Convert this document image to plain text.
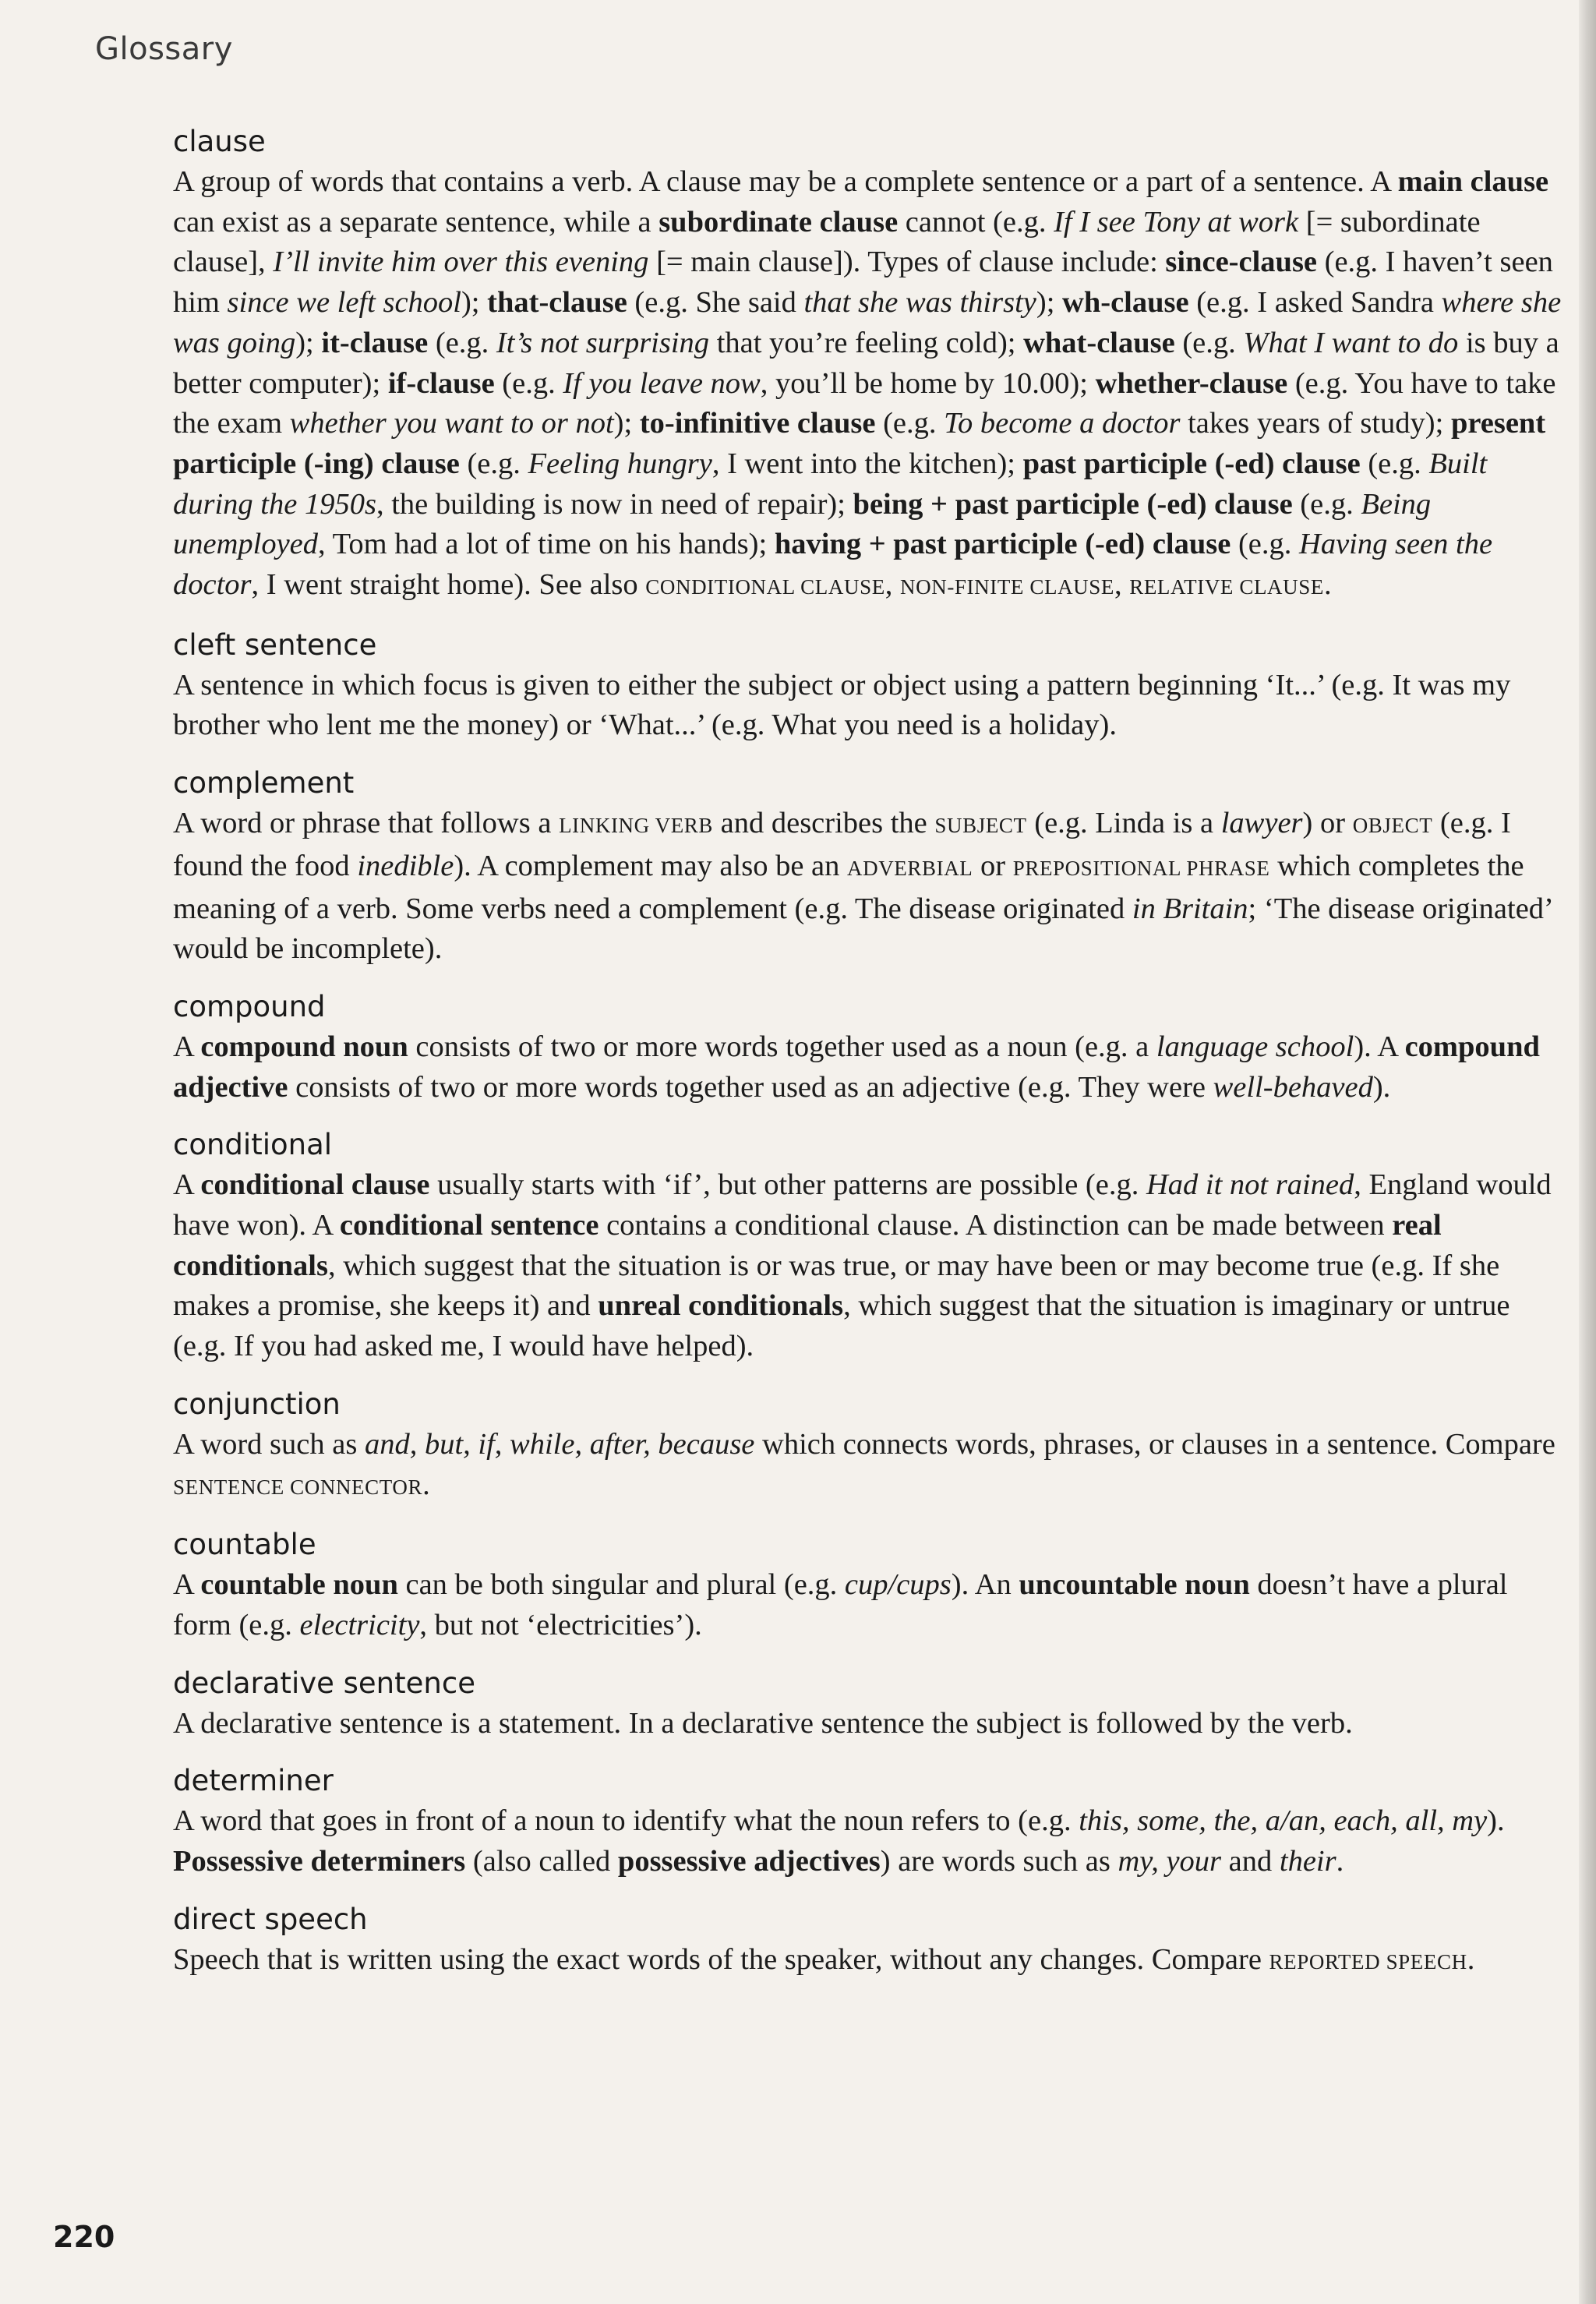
Glossary
clause

A group of words that contains a verb. A clause may be a complete sentence or a part of a sentence. A main clause can exist as a separate sentence, while a subordinate clause cannot (e.g. If I see Tony at work [= subordinate clause], I’ll invite him over this evening [= main clause]). Types of clause include: since-clause (e.g. I haven’t seen him since we left school); that-clause (e.g. She said that she was thirsty); wh-clause (e.g. I asked Sandra where she was going); it-clause (e.g. It’s not surprising that you’re feeling cold); what-clause (e.g. What I want to do is buy a better computer); if-clause (e.g. If you leave now, you’ll be home by 10.00); whether-clause (e.g. You have to take the exam whether you want to or not); to-infinitive clause (e.g. To become a doctor takes years of study); present participle (-ing) clause (e.g. Feeling hungry, I went into the kitchen); past participle (-ed) clause (e.g. Built during the 1950s, the building is now in need of repair); being + past participle (-ed) clause (e.g. Being unemployed, Tom had a lot of time on his hands); having + past participle (-ed) clause (e.g. Having seen the doctor, I went straight home). See also CONDITIONAL CLAUSE, NON-FINITE CLAUSE, RELATIVE CLAUSE.

cleft sentence

A sentence in which focus is given to either the subject or object using a pattern beginning ‘It...’ (e.g. It was my brother who lent me the money) or ‘What...’ (e.g. What you need is a holiday).

complement

A word or phrase that follows a LINKING VERB and describes the SUBJECT (e.g. Linda is a lawyer) or OBJECT (e.g. I found the food inedible). A complement may also be an ADVERBIAL or PREPOSITIONAL PHRASE which completes the meaning of a verb. Some verbs need a complement (e.g. The disease originated in Britain; ‘The disease originated’ would be incomplete).

compound

A compound noun consists of two or more words together used as a noun (e.g. a language school). A compound adjective consists of two or more words together used as an adjective (e.g. They were well-behaved).

conditional

A conditional clause usually starts with ‘if’, but other patterns are possible (e.g. Had it not rained, England would have won). A conditional sentence contains a conditional clause. A distinction can be made between real conditionals, which suggest that the situation is or was true, or may have been or may become true (e.g. If she makes a promise, she keeps it) and unreal conditionals, which suggest that the situation is imaginary or untrue (e.g. If you had asked me, I would have helped).

conjunction

A word such as and, but, if, while, after, because which connects words, phrases, or clauses in a sentence. Compare SENTENCE CONNECTOR.

countable

A countable noun can be both singular and plural (e.g. cup/cups). An uncountable noun doesn’t have a plural form (e.g. electricity, but not ‘electricities’).

declarative sentence

A declarative sentence is a statement. In a declarative sentence the subject is followed by the verb.

determiner

A word that goes in front of a noun to identify what the noun refers to (e.g. this, some, the, a/an, each, all, my). Possessive determiners (also called possessive adjectives) are words such as my, your and their.

direct speech

Speech that is written using the exact words of the speaker, without any changes. Compare REPORTED SPEECH.

220
